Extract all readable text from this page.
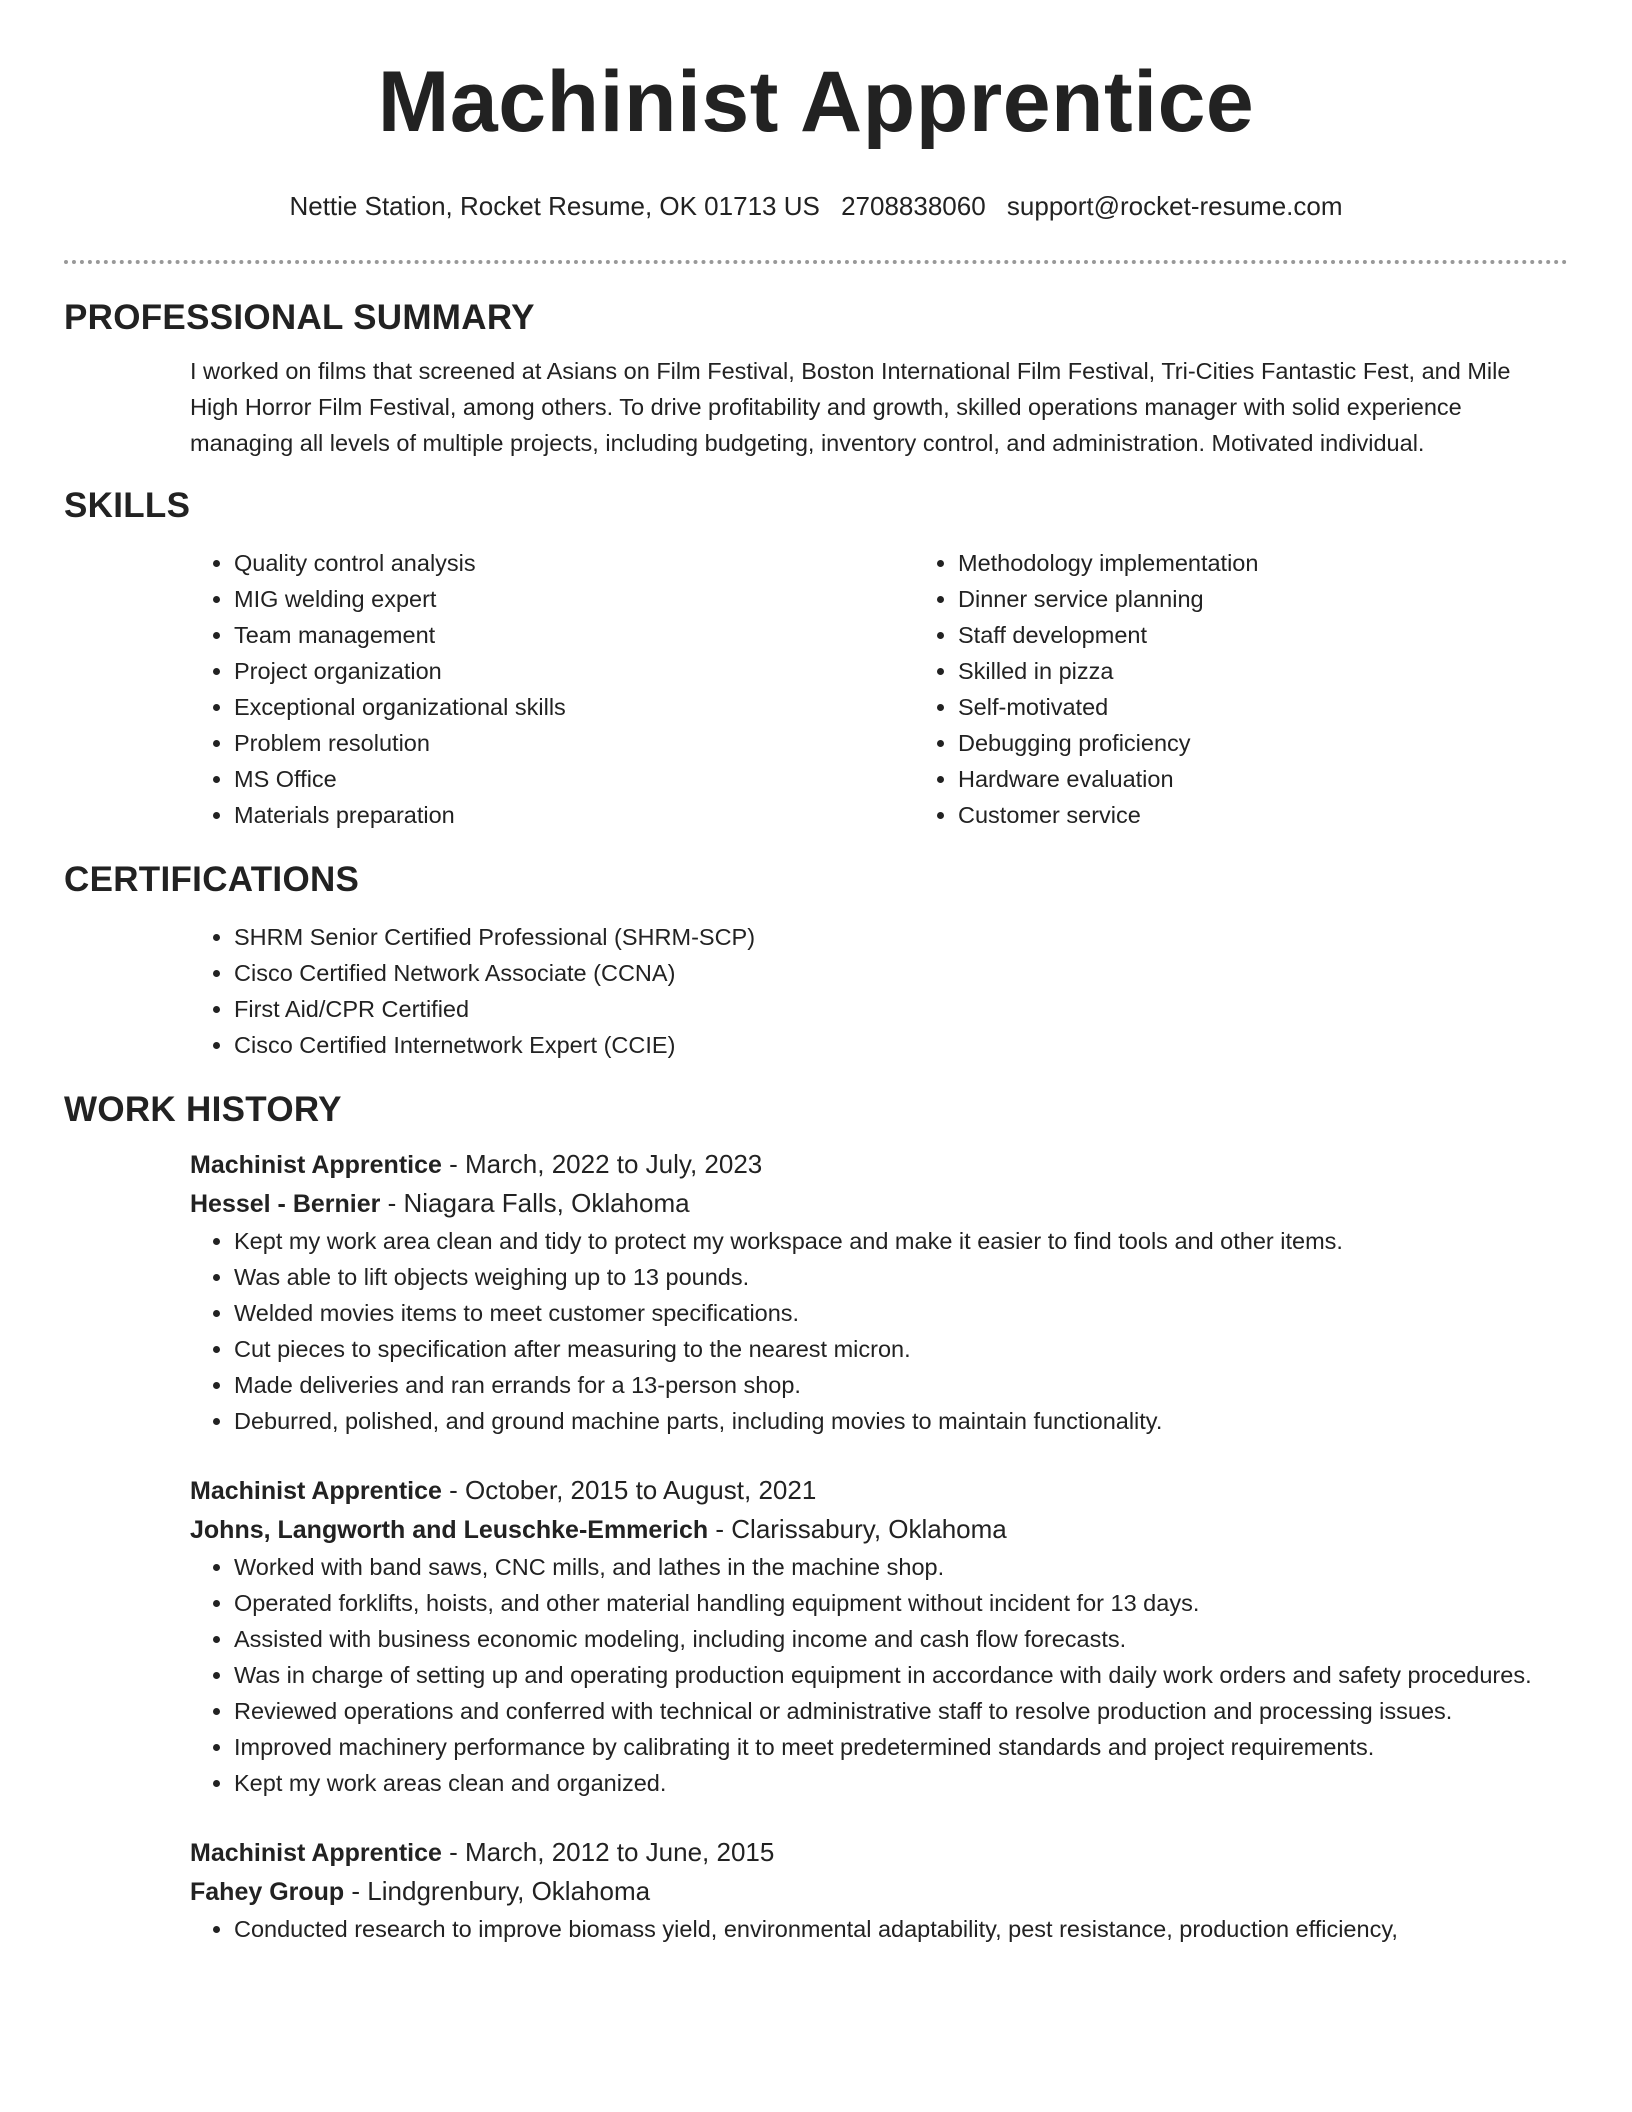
Machinist Apprentice
Nettie Station, Rocket Resume, OK 01713 US 2708838060 support@rocket-resume.com
PROFESSIONAL SUMMARY

I worked on films that screened at Asians on Film Festival, Boston International Film Festival, Tri-Cities Fantastic Fest, and Mile High Horror Film Festival, among others. To drive profitability and growth, skilled operations manager with solid experience managing all levels of multiple projects, including budgeting, inventory control, and administration. Motivated individual.

SKILLS
• Quality control analysis
• MIG welding expert
• Team management
• Project organization
• Exceptional organizational skills
• Problem resolution
• MS Office
• Materials preparation
• Methodology implementation
• Dinner service planning
• Staff development
• Skilled in pizza
• Self-motivated
• Debugging proficiency
• Hardware evaluation
• Customer service
CERTIFICATIONS
• SHRM Senior Certified Professional (SHRM-SCP)
• Cisco Certified Network Associate (CCNA)
• First Aid/CPR Certified
• Cisco Certified Internetwork Expert (CCIE)
WORK HISTORY
Machinist Apprentice - March, 2022 to July, 2023
Hessel - Bernier - Niagara Falls, Oklahoma
• Kept my work area clean and tidy to protect my workspace and make it easier to find tools and other items.
• Was able to lift objects weighing up to 13 pounds.
• Welded movies items to meet customer specifications.
• Cut pieces to specification after measuring to the nearest micron.
• Made deliveries and ran errands for a 13-person shop.
• Deburred, polished, and ground machine parts, including movies to maintain functionality.
Machinist Apprentice - October, 2015 to August, 2021
Johns, Langworth and Leuschke-Emmerich - Clarissabury, Oklahoma
• Worked with band saws, CNC mills, and lathes in the machine shop.
• Operated forklifts, hoists, and other material handling equipment without incident for 13 days.
• Assisted with business economic modeling, including income and cash flow forecasts.
• Was in charge of setting up and operating production equipment in accordance with daily work orders and safety procedures.
• Reviewed operations and conferred with technical or administrative staff to resolve production and processing issues.
• Improved machinery performance by calibrating it to meet predetermined standards and project requirements.
• Kept my work areas clean and organized.
Machinist Apprentice - March, 2012 to June, 2015
Fahey Group - Lindgrenbury, Oklahoma
• Conducted research to improve biomass yield, environmental adaptability, pest resistance, production efficiency,
